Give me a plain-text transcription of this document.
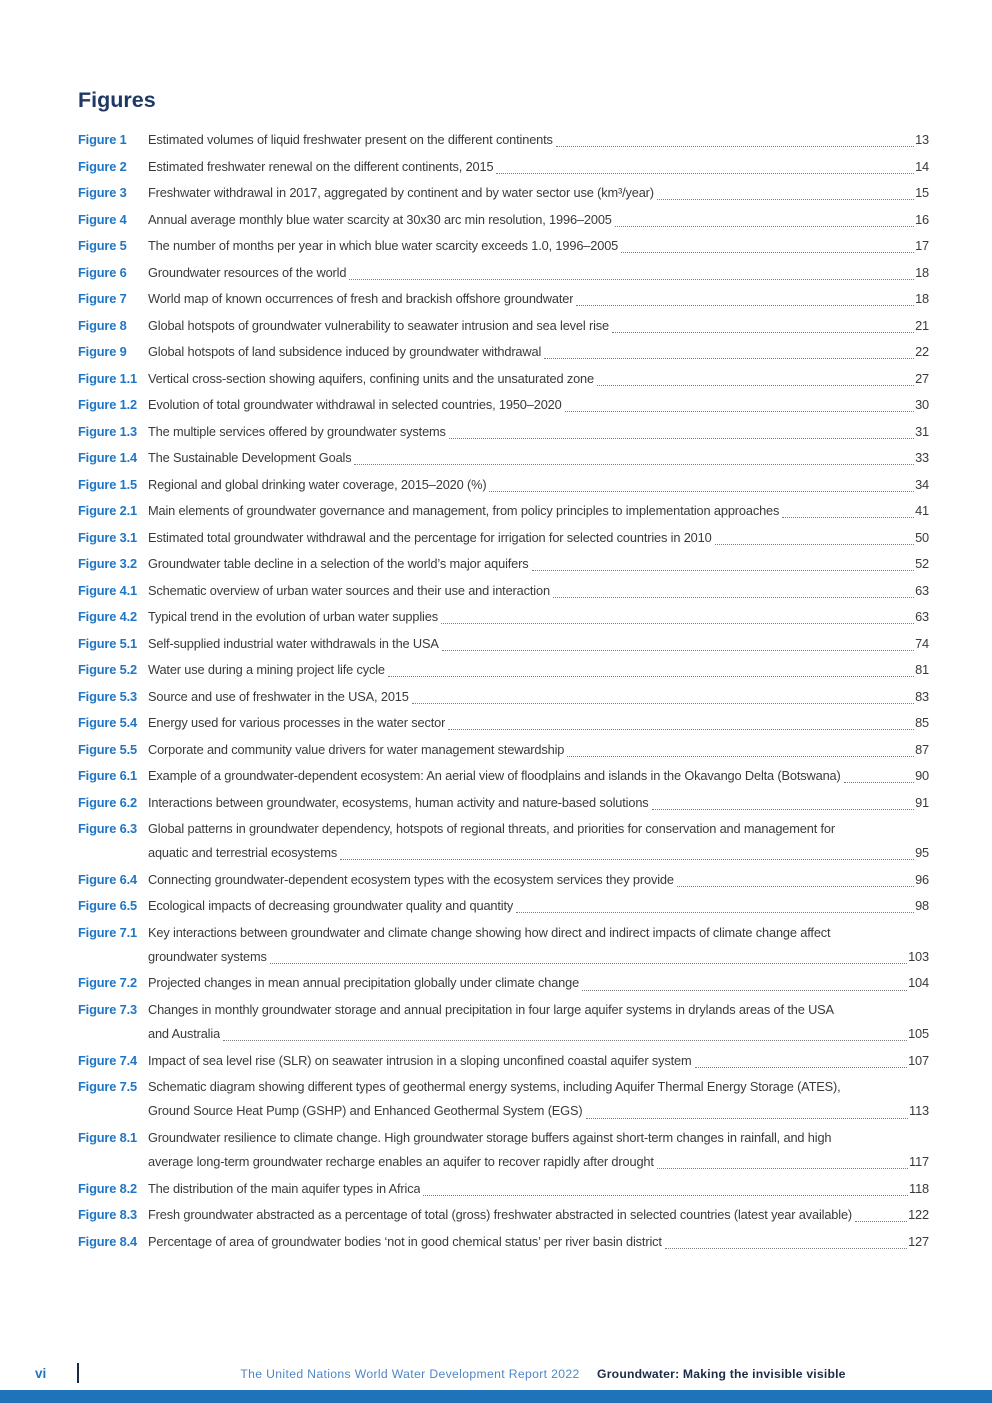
Figures
Figure 1	Estimated volumes of liquid freshwater present on the different continents	13
Figure 2	Estimated freshwater renewal on the different continents, 2015	14
Figure 3	Freshwater withdrawal in 2017, aggregated by continent and by water sector use (km³/year)	15
Figure 4	Annual average monthly blue water scarcity at 30x30 arc min resolution, 1996–2005	16
Figure 5	The number of months per year in which blue water scarcity exceeds 1.0, 1996–2005	17
Figure 6	Groundwater resources of the world	18
Figure 7	World map of known occurrences of fresh and brackish offshore groundwater	18
Figure 8	Global hotspots of groundwater vulnerability to seawater intrusion and sea level rise	21
Figure 9	Global hotspots of land subsidence induced by groundwater withdrawal	22
Figure 1.1 Vertical cross-section showing aquifers, confining units and the unsaturated zone	27
Figure 1.2 Evolution of total groundwater withdrawal in selected countries, 1950–2020	30
Figure 1.3 The multiple services offered by groundwater systems	31
Figure 1.4 The Sustainable Development Goals	33
Figure 1.5 Regional and global drinking water coverage, 2015–2020 (%)	34
Figure 2.1 Main elements of groundwater governance and management, from policy principles to implementation approaches	41
Figure 3.1 Estimated total groundwater withdrawal and the percentage for irrigation for selected countries in 2010	50
Figure 3.2 Groundwater table decline in a selection of the world’s major aquifers	52
Figure 4.1 Schematic overview of urban water sources and their use and interaction	63
Figure 4.2 Typical trend in the evolution of urban water supplies	63
Figure 5.1 Self-supplied industrial water withdrawals in the USA	74
Figure 5.2 Water use during a mining project life cycle	81
Figure 5.3 Source and use of freshwater in the USA, 2015	83
Figure 5.4 Energy used for various processes in the water sector	85
Figure 5.5 Corporate and community value drivers for water management stewardship	87
Figure 6.1 Example of a groundwater-dependent ecosystem: An aerial view of floodplains and islands in the Okavango Delta (Botswana)	90
Figure 6.2 Interactions between groundwater, ecosystems, human activity and nature-based solutions	91
Figure 6.3 Global patterns in groundwater dependency, hotspots of regional threats, and priorities for conservation and management for
aquatic and terrestrial ecosystems	95
Figure 6.4 Connecting groundwater-dependent ecosystem types with the ecosystem services they provide	96
Figure 6.5 Ecological impacts of decreasing groundwater quality and quantity	98
Figure 7.1 Key interactions between groundwater and climate change showing how direct and indirect impacts of climate change affect
groundwater systems	103
Figure 7.2 Projected changes in mean annual precipitation globally under climate change	104
Figure 7.3 Changes in monthly groundwater storage and annual precipitation in four large aquifer systems in drylands areas of the USA
and Australia	105
Figure 7.4 Impact of sea level rise (SLR) on seawater intrusion in a sloping unconfined coastal aquifer system	107
Figure 7.5 Schematic diagram showing different types of geothermal energy systems, including Aquifer Thermal Energy Storage (ATES),
Ground Source Heat Pump (GSHP) and Enhanced Geothermal System (EGS)	113
Figure 8.1 Groundwater resilience to climate change. High groundwater storage buffers against short-term changes in rainfall, and high
average long-term groundwater recharge enables an aquifer to recover rapidly after drought	117
Figure 8.2 The distribution of the main aquifer types in Africa	118
Figure 8.3 Fresh groundwater abstracted as a percentage of total (gross) freshwater abstracted in selected countries (latest year available)	122
Figure 8.4 Percentage of area of groundwater bodies ‘not in good chemical status’ per river basin district	127
vi	The United Nations World Water Development Report 2022 Groundwater: Making the invisible visible
